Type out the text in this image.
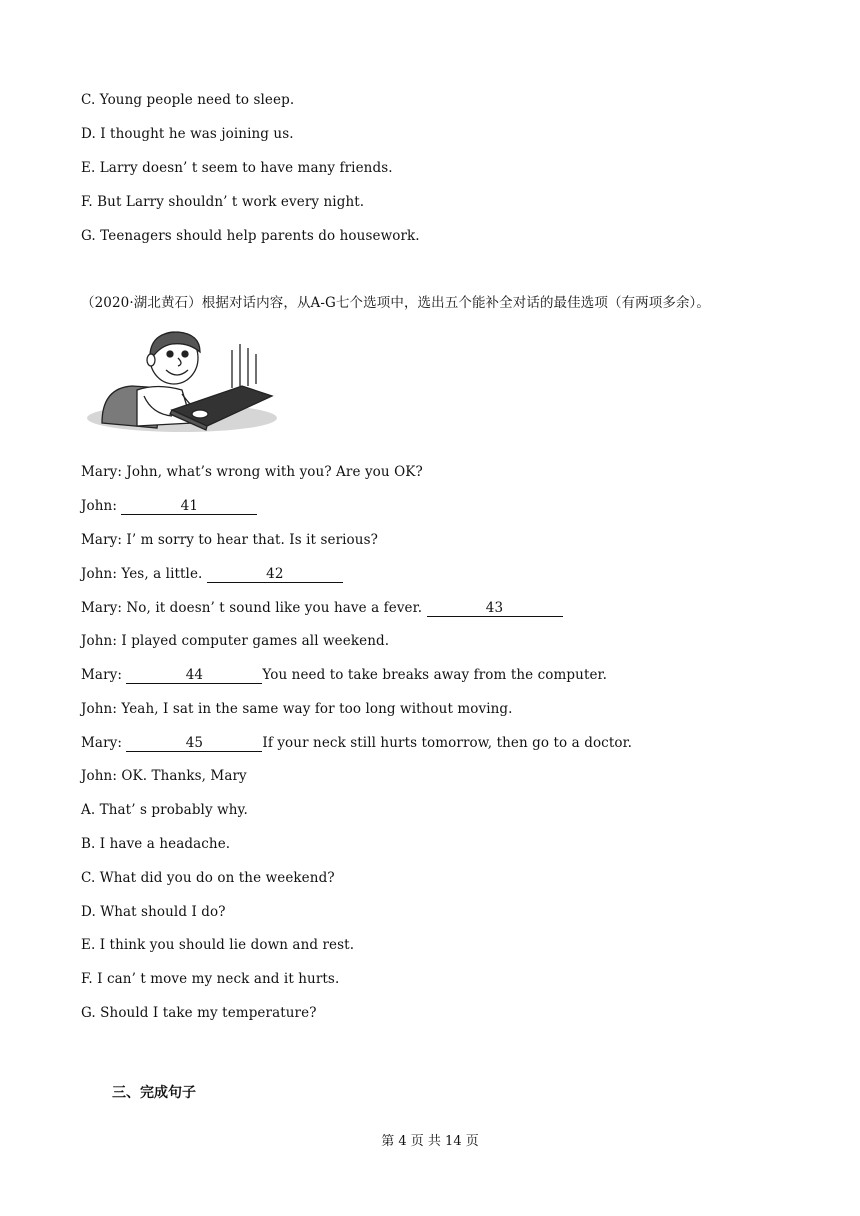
C. Young people need to sleep.
D. I thought he was joining us.
E. Larry doesn’ t seem to have many friends.
F. But Larry shouldn’ t work every night.
G. Teenagers should help parents do housework.
（2020·湖北黄石）根据对话内容，从A-G七个选项中，选出五个能补全对话的最佳选项（有两项多余）。
Mary: John, what’s wrong with you? Are you OK?
John:	41
Mary: I’ m sorry to hear that. Is it serious?
John: Yes, a little.	42
Mary: No, it doesn’ t sound like you have a fever.	43
John: I played computer games all weekend.
Mary:	44	You need to take breaks away from the computer.
John: Yeah, I sat in the same way for too long without moving.
Mary:	45	If your neck still hurts tomorrow, then go to a doctor.
John: OK. Thanks, Mary
A. That’ s probably why.
B. I have a headache.
C. What did you do on the weekend?
D. What should I do?
E. I think you should lie down and rest.
F. I can’ t move my neck and it hurts.
G. Should I take my temperature?
三、完成句子
第 4 页 共 14 页
